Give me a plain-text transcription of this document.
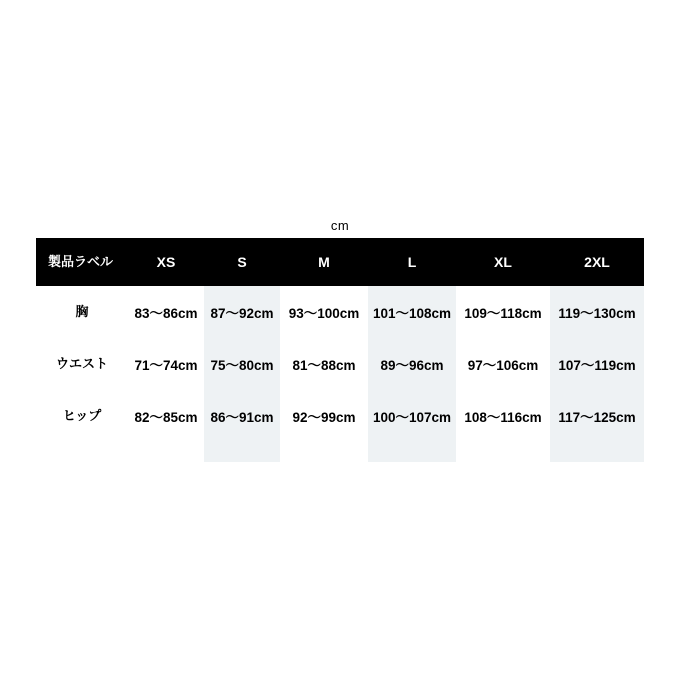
cm
製品ラベル	XS	S	M	L	XL	2XL
胸	83〜86cm	87〜92cm	93〜100cm	101〜108cm	109〜118cm	119〜130cm
ウエスト	71〜74cm	75〜80cm	81〜88cm	89〜96cm	97〜106cm	107〜119cm
ヒップ	82〜85cm	86〜91cm	92〜99cm	100〜107cm	108〜116cm	117〜125cm
